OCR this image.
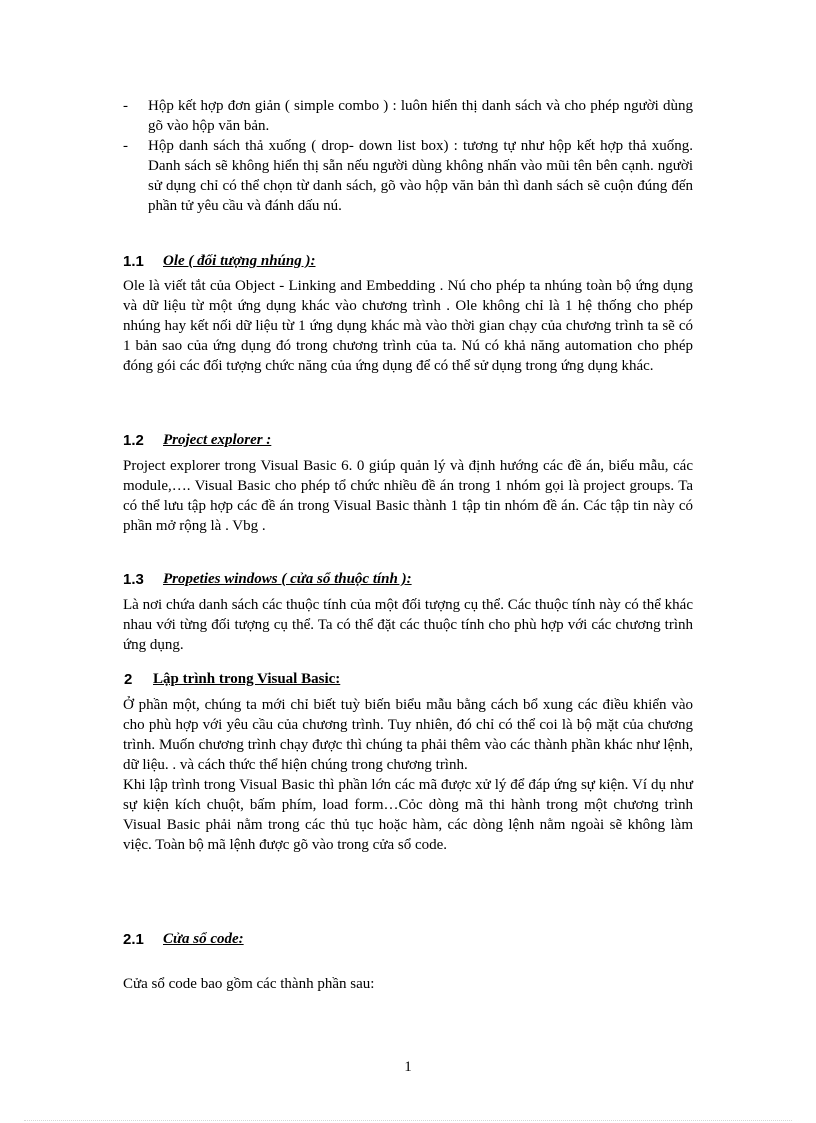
- Hộp kết hợp đơn giản ( simple combo ) : luôn hiển thị danh sách và cho phép người dùng gõ vào hộp văn bản.

- Hộp danh sách thả xuống ( drop- down list box) : tương tự như hộp kết hợp thả xuống. Danh sách sẽ không hiển thị sẵn nếu người dùng không nhấn vào mũi tên bên cạnh. người sử dụng chỉ có thể chọn từ danh sách, gõ vào hộp văn bản thì danh sách sẽ cuộn đúng đến phần tử yêu cầu và đánh dấu nú.

1.1 Ole ( đối tượng nhúng ):

Ole là viết tắt của Object - Linking and Embedding . Nú cho phép ta nhúng toàn bộ ứng dụng và dữ liệu từ một ứng dụng khác vào chương trình . Ole không chỉ là 1 hệ thống cho phép nhúng hay kết nối dữ liệu từ 1 ứng dụng khác mà vào thời gian chạy của chương trình ta sẽ có 1 bản sao của ứng dụng đó trong chương trình của ta. Nú có khả năng automation cho phép đóng gói các đối tượng chức năng của ứng dụng để có thể sử dụng trong ứng dụng khác.

1.2 Project explorer :

Project explorer trong Visual Basic 6. 0 giúp quản lý và định hướng các đề án, biểu mẫu, các module,…. Visual Basic cho phép tổ chức nhiều đề án trong 1 nhóm gọi là project groups. Ta có thể lưu tập hợp các đề án trong Visual Basic thành 1 tập tin nhóm đề án. Các tập tin này có phần mở rộng là . Vbg .

1.3 Propeties windows ( cửa sổ thuộc tính ):

Là nơi chứa danh sách các thuộc tính của một đối tượng cụ thể. Các thuộc tính này có thể khác nhau với từng đối tượng cụ thể. Ta có thể đặt các thuộc tính cho phù hợp với các chương trình ứng dụng.

2 Lập trình trong Visual Basic:

Ở phần một, chúng ta mới chỉ biết tuỳ biến biểu mẫu bằng cách bổ xung các điều khiển vào cho phù hợp với yêu cầu của chương trình. Tuy nhiên, đó chỉ có thể coi là bộ mặt của chương trình. Muốn chương trình chạy được thì chúng ta phải thêm vào các thành phần khác như lệnh, dữ liệu. . và cách thức thể hiện chúng trong chương trình.

Khi lập trình trong Visual Basic thì phần lớn các mã được xử lý để đáp ứng sự kiện. Ví dụ như sự kiện kích chuột, bấm phím, load form…Cỏc dòng mã thi hành trong một chương trình Visual Basic phải nằm trong các thủ tục hoặc hàm, các dòng lệnh nằm ngoài sẽ không làm việc. Toàn bộ mã lệnh được gõ vào trong cửa sổ code.

2.1 Cửa sổ code:

Cửa sổ code bao gồm các thành phần sau:

1
